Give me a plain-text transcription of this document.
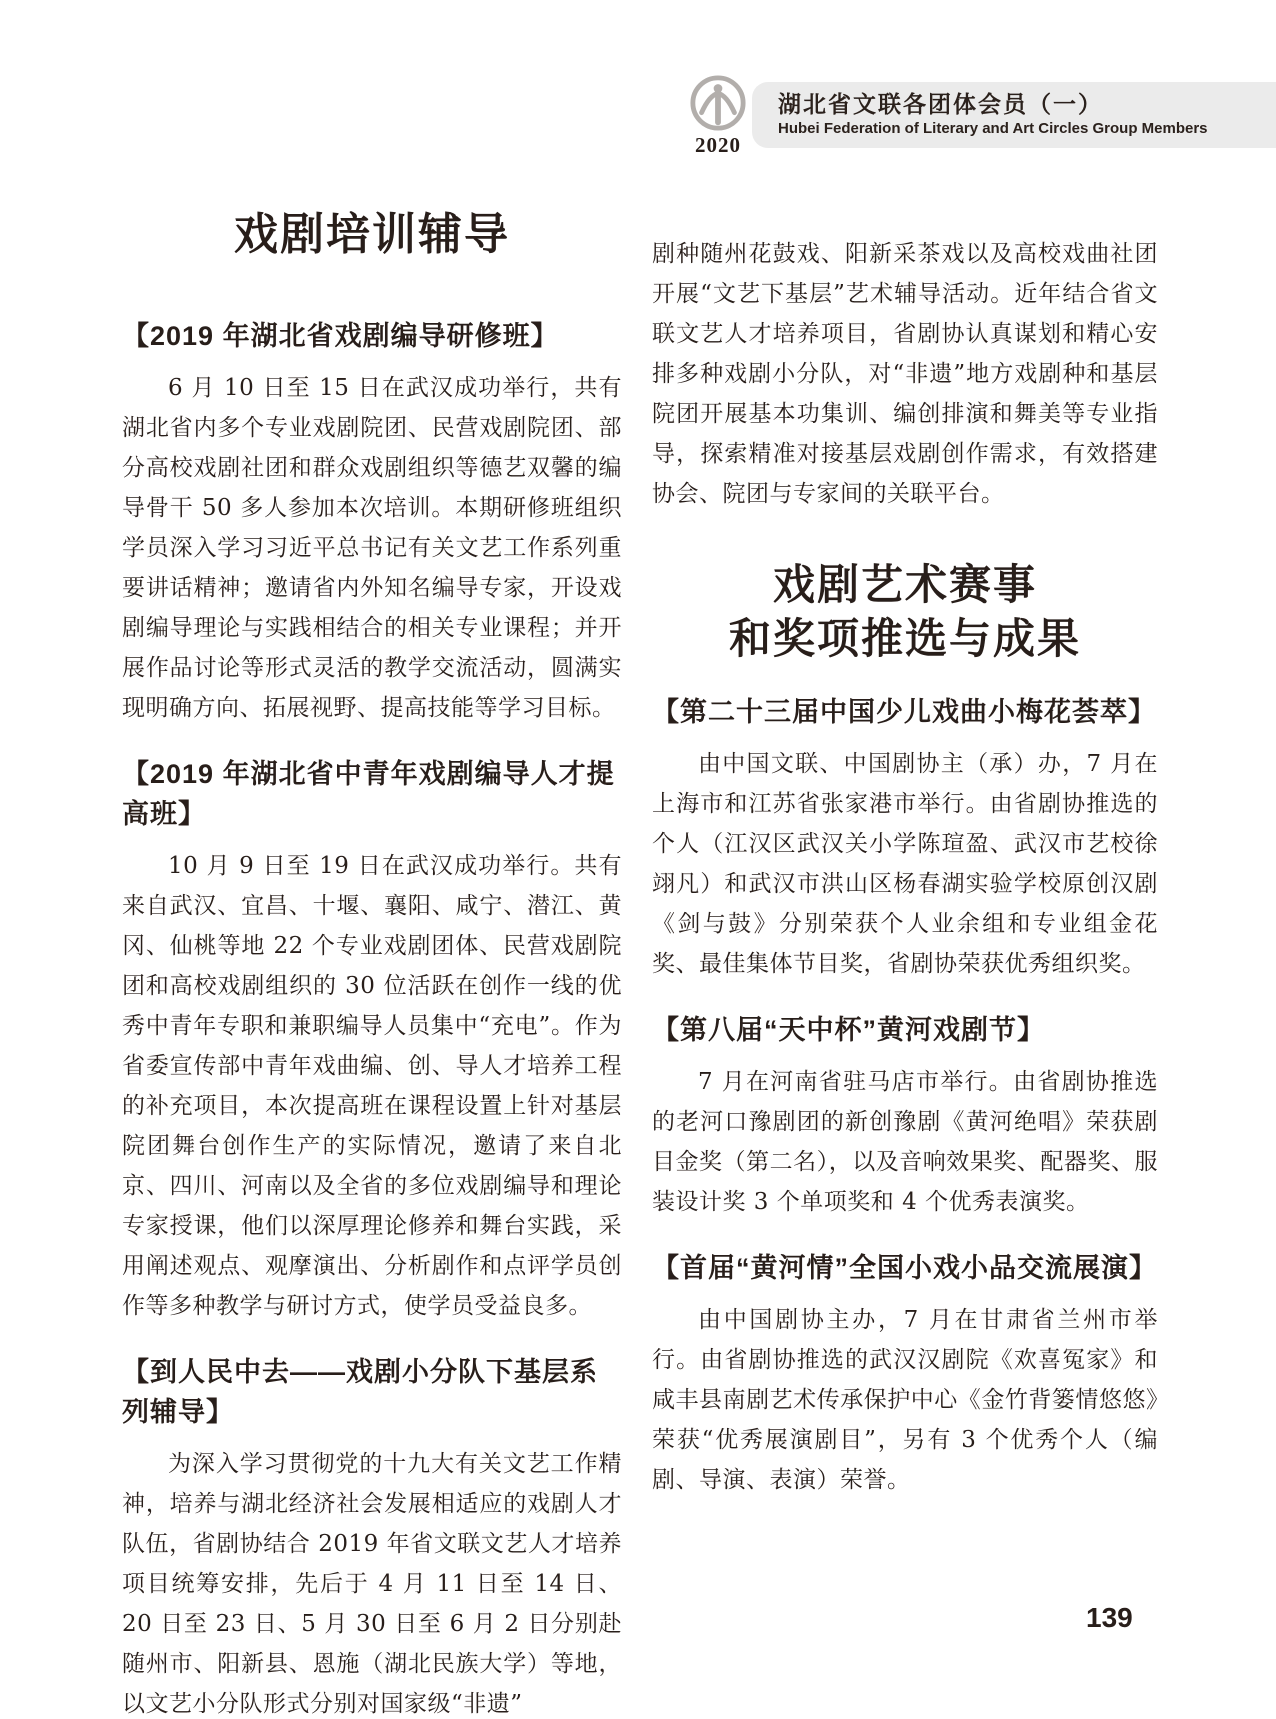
2020
湖北省文联各团体会员（一）
Hubei Federation of Literary and Art Circles Group Members
戏剧培训辅导
【2019 年湖北省戏剧编导研修班】

6 月 10 日至 15 日在武汉成功举行，共有湖北省内多个专业戏剧院团、民营戏剧院团、部分高校戏剧社团和群众戏剧组织等德艺双馨的编导骨干 50 多人参加本次培训。本期研修班组织学员深入学习习近平总书记有关文艺工作系列重要讲话精神；邀请省内外知名编导专家，开设戏剧编导理论与实践相结合的相关专业课程；并开展作品讨论等形式灵活的教学交流活动，圆满实现明确方向、拓展视野、提高技能等学习目标。

【2019 年湖北省中青年戏剧编导人才提高班】

10 月 9 日至 19 日在武汉成功举行。共有来自武汉、宜昌、十堰、襄阳、咸宁、潜江、黄冈、仙桃等地 22 个专业戏剧团体、民营戏剧院团和高校戏剧组织的 30 位活跃在创作一线的优秀中青年专职和兼职编导人员集中“充电”。作为省委宣传部中青年戏曲编、创、导人才培养工程的补充项目，本次提高班在课程设置上针对基层院团舞台创作生产的实际情况，邀请了来自北京、四川、河南以及全省的多位戏剧编导和理论专家授课，他们以深厚理论修养和舞台实践，采用阐述观点、观摩演出、分析剧作和点评学员创作等多种教学与研讨方式，使学员受益良多。

【到人民中去——戏剧小分队下基层系列辅导】

为深入学习贯彻党的十九大有关文艺工作精神，培养与湖北经济社会发展相适应的戏剧人才队伍，省剧协结合 2019 年省文联文艺人才培养项目统筹安排，先后于 4 月 11 日至 14 日、20 日至 23 日、5 月 30 日至 6 月 2 日分别赴随州市、阳新县、恩施（湖北民族大学）等地，以文艺小分队形式分别对国家级“非遗”

剧种随州花鼓戏、阳新采茶戏以及高校戏曲社团开展“文艺下基层”艺术辅导活动。近年结合省文联文艺人才培养项目，省剧协认真谋划和精心安排多种戏剧小分队，对“非遗”地方戏剧种和基层院团开展基本功集训、编创排演和舞美等专业指导，探索精准对接基层戏剧创作需求，有效搭建协会、院团与专家间的关联平台。

戏剧艺术赛事
和奖项推选与成果
【第二十三届中国少儿戏曲小梅花荟萃】

由中国文联、中国剧协主（承）办，7 月在上海市和江苏省张家港市举行。由省剧协推选的个人（江汉区武汉关小学陈瑄盈、武汉市艺校徐翊凡）和武汉市洪山区杨春湖实验学校原创汉剧《剑与鼓》分别荣获个人业余组和专业组金花奖、最佳集体节目奖，省剧协荣获优秀组织奖。

【第八届“天中杯”黄河戏剧节】

7 月在河南省驻马店市举行。由省剧协推选的老河口豫剧团的新创豫剧《黄河绝唱》荣获剧目金奖（第二名），以及音响效果奖、配器奖、服装设计奖 3 个单项奖和 4 个优秀表演奖。

【首届“黄河情”全国小戏小品交流展演】

由中国剧协主办，7 月在甘肃省兰州市举行。由省剧协推选的武汉汉剧院《欢喜冤家》和咸丰县南剧艺术传承保护中心《金竹背篓情悠悠》荣获“优秀展演剧目”，另有 3 个优秀个人（编剧、导演、表演）荣誉。

139
